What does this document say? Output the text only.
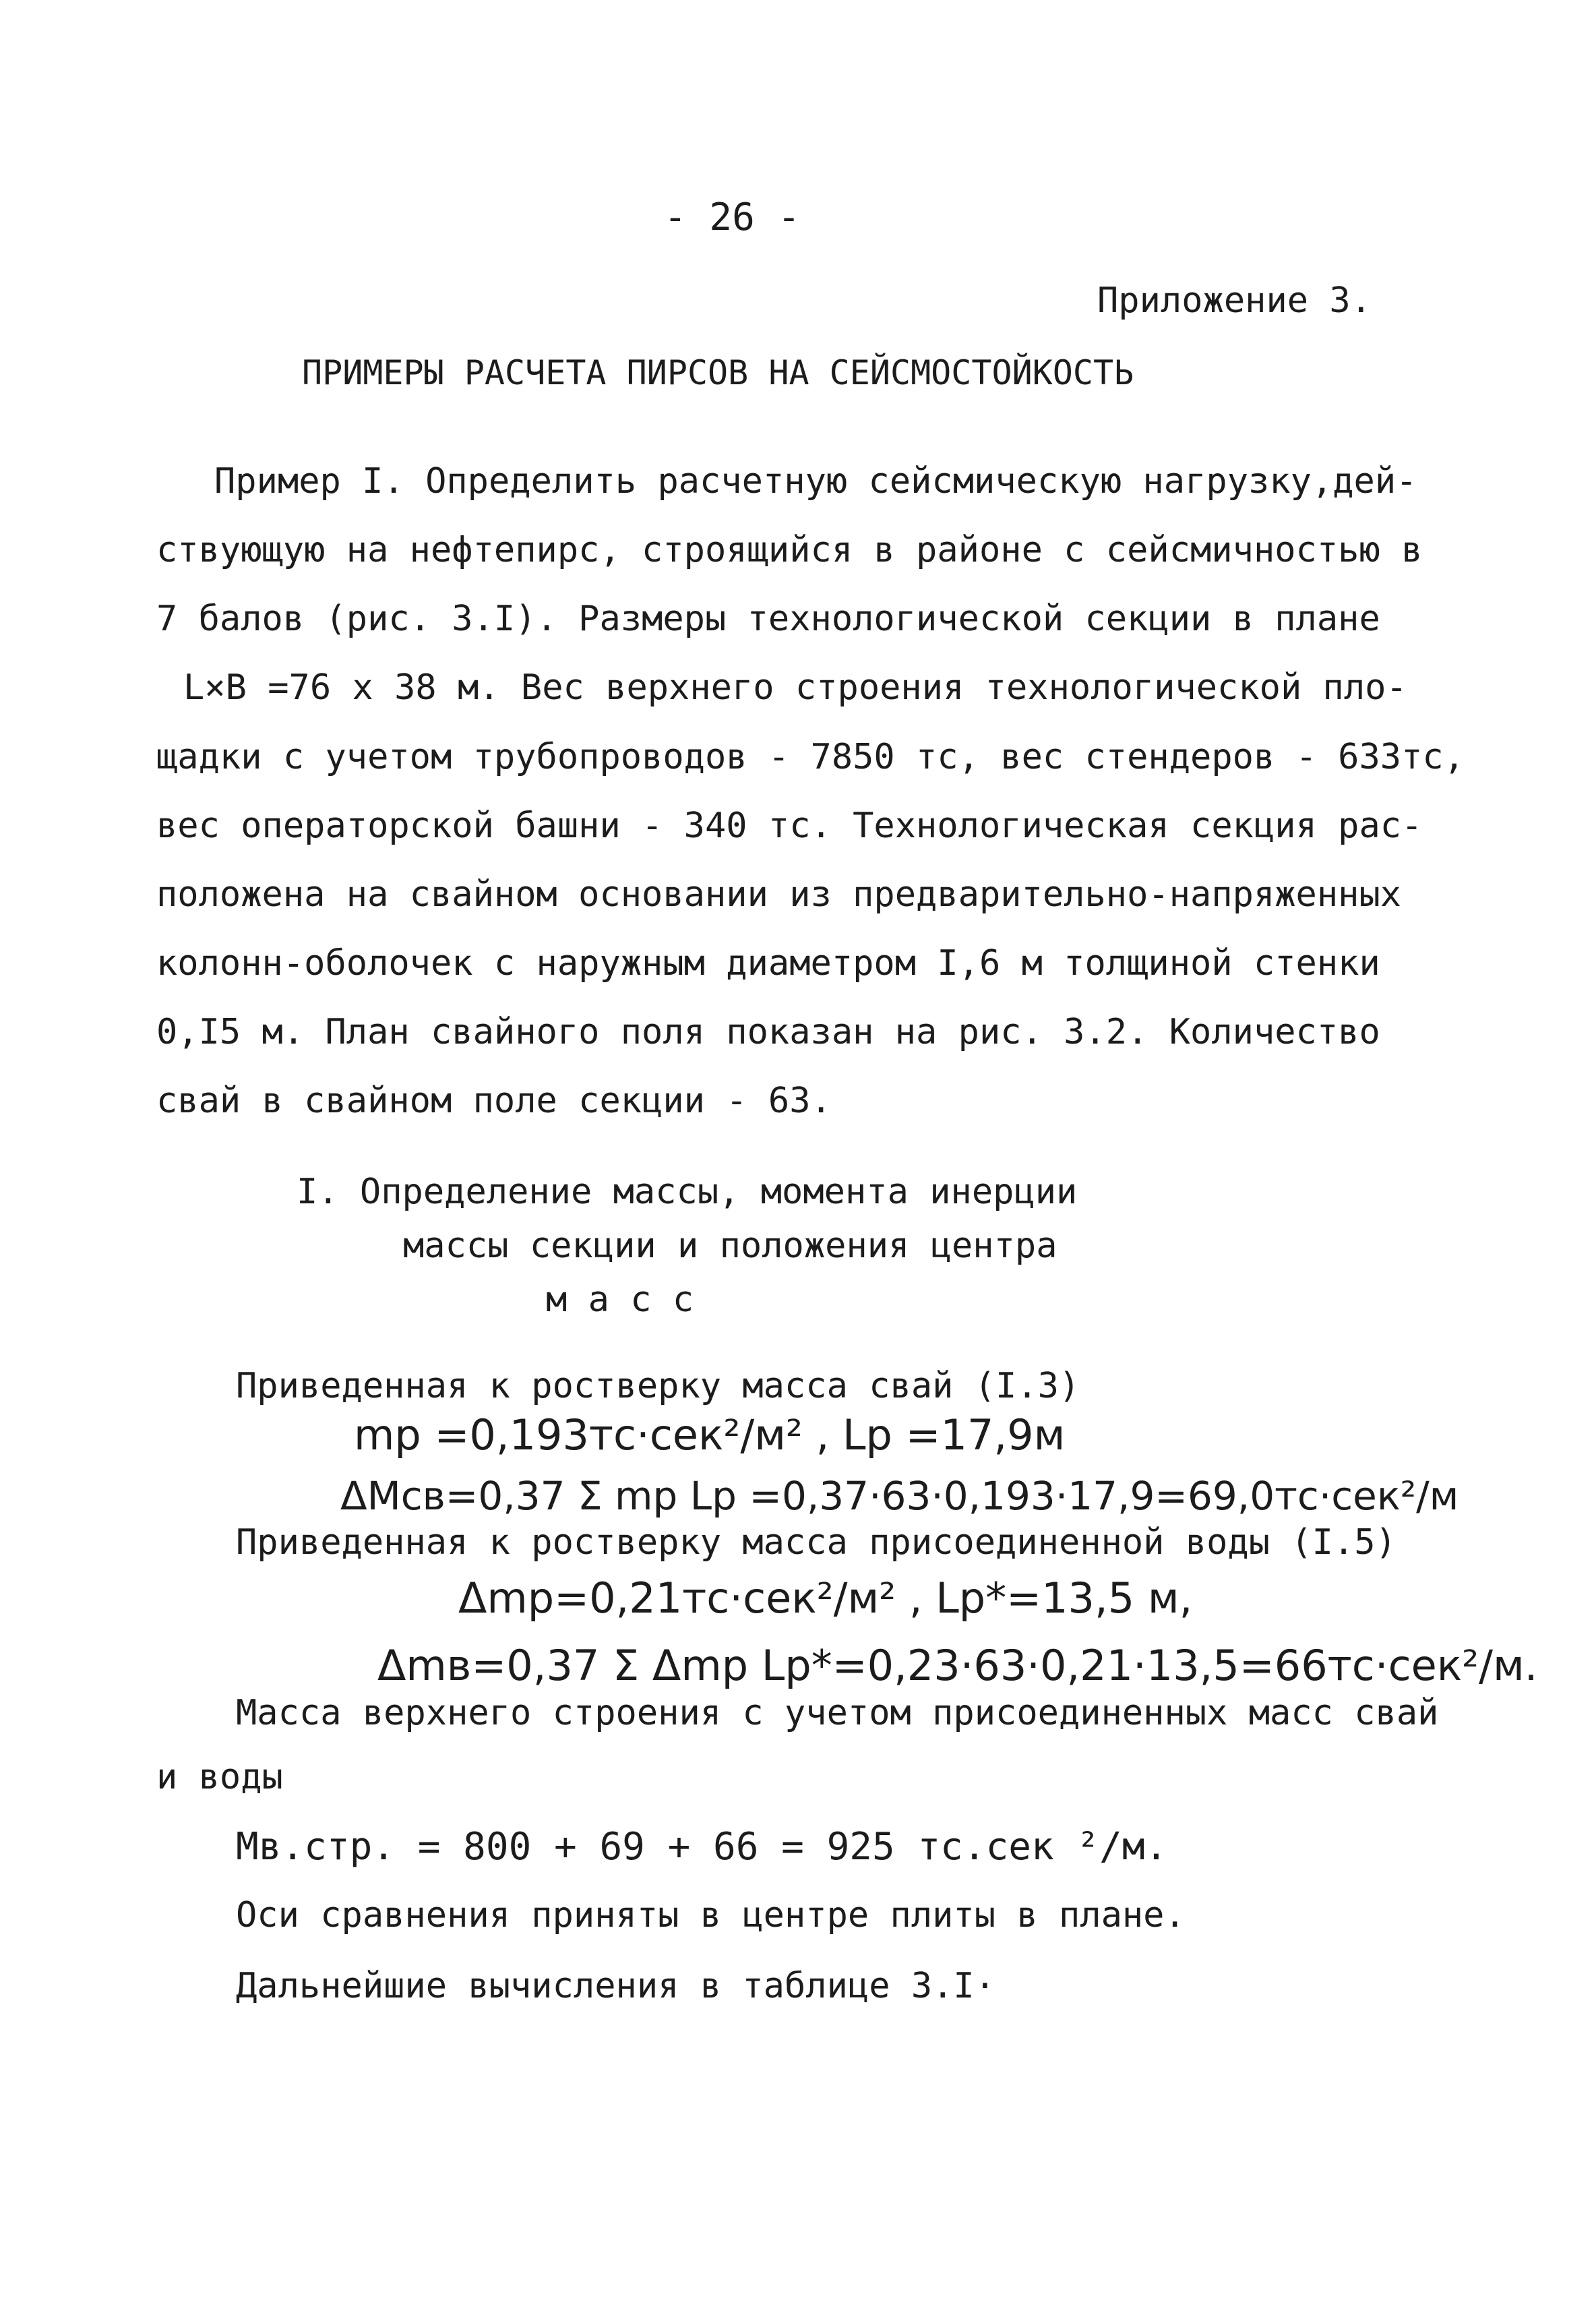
- 26 -
Приложение 3.
ПРИМЕРЫ РАСЧЕТА ПИРСОВ НА СЕЙСМОСТОЙКОСТЬ
Пример I. Определить расчетную сейсмическую нагрузку,дей-
ствующую на нефтепирс, строящийся в районе с сейсмичностью в
7 балов (рис. 3.I). Размеры технологической секции в плане
L×B =76 x 38 м. Вес верхнего строения технологической пло-
щадки с учетом трубопроводов - 7850 тс, вес стендеров - 633тс,
вес операторской башни - 340 тс. Технологическая секция рас-
положена на свайном основании из предварительно-напряженных
колонн-оболочек с наружным диаметром I,6 м толщиной стенки
0,I5 м. План свайного поля показан на рис. 3.2. Количество
свай в свайном поле секции - 63.
I. Определение массы, момента инерции
массы секции и положения центра
м а с с
Приведенная к ростверку масса свай (I.3)
mр =0,193тс·сек²/м² , Lр =17,9м
ΔMсв=0,37 Σ mр Lр =0,37·63·0,193·17,9=69,0тс·сек²/м
Приведенная к ростверку масса присоединенной воды (I.5)
Δmр=0,21тс·сек²/м² , Lр*=13,5 м,
Δmв=0,37 Σ Δmр Lр*=0,23·63·0,21·13,5=66тс·сек²/м.
Масса верхнего строения с учетом присоединенных масс свай
и воды
Mв.стр. = 800 + 69 + 66 = 925 тс.сек ²/м.
Оси сравнения приняты в центре плиты в плане.
Дальнейшие вычисления в таблице 3.I·
